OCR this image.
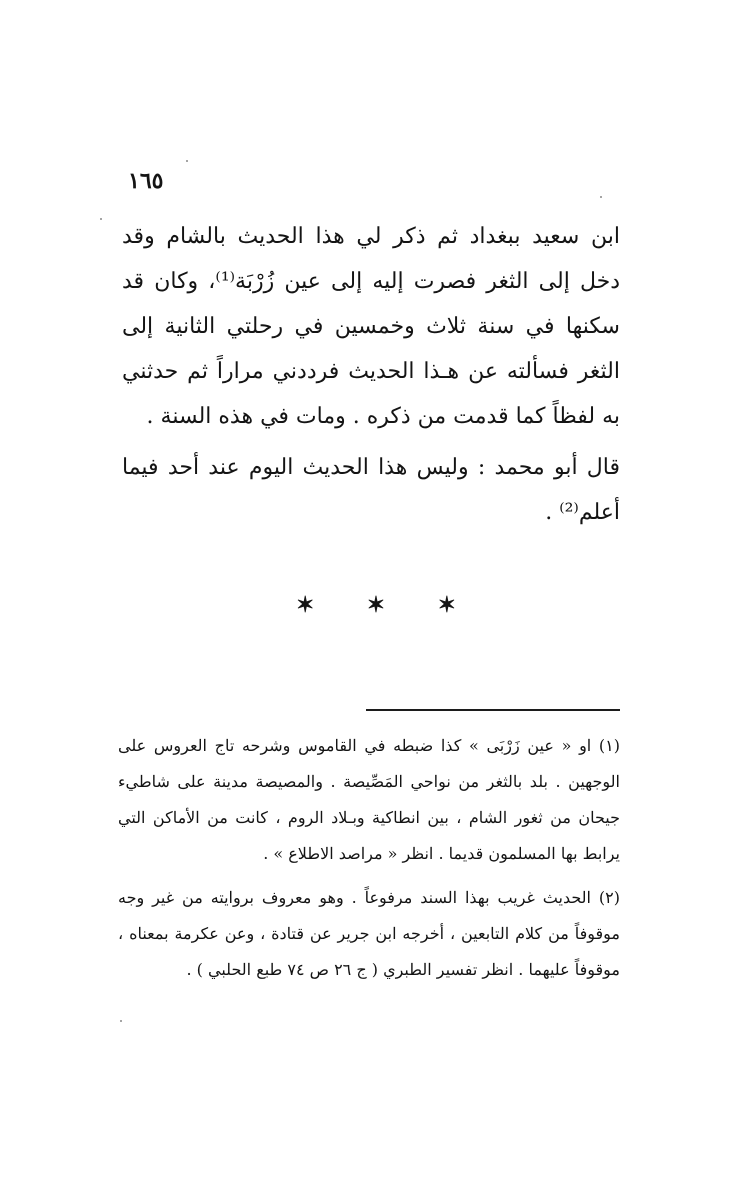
١٦٥

ابن سعيد ببغداد ثم ذكر لي هذا الحديث بالشام وقد دخل إلى الثغر فصرت إليه إلى عين زُرْبَة⁽¹⁾، وكان قد سكنها في سنة ثلاث وخمسين في رحلتي الثانية إلى الثغر فسألته عن هـذا الحديث فرددني مراراً ثم حدثني به لفظاً كما قدمت من ذكره . ومات في هذه السنة .

قال أبو محمد : وليس هذا الحديث اليوم عند أحد فيما أعلم⁽²⁾ .

✶ ✶ ✶

(١) او « عين زَرْبَى » كذا ضبطه في القاموس وشرحه تاج العروس على الوجهين . بلد بالثغر من نواحي المَصِّيصة . والمصيصة مدينة على شاطيء جيحان من ثغور الشام ، بين انطاكية وبـلاد الروم ، كانت من الأماكن التي يرابط بها المسلمون قديما . انظر « مراصد الاطلاع » .

(٢) الحديث غريب بهذا السند مرفوعاً . وهو معروف بروايته من غير وجه موقوفاً من كلام التابعين ، أخرجه ابن جرير عن قتادة ، وعن عكرمة بمعناه ، موقوفاً عليهما . انظر تفسير الطبري ( ج ٢٦ ص ٧٤ طبع الحلبي ) .
